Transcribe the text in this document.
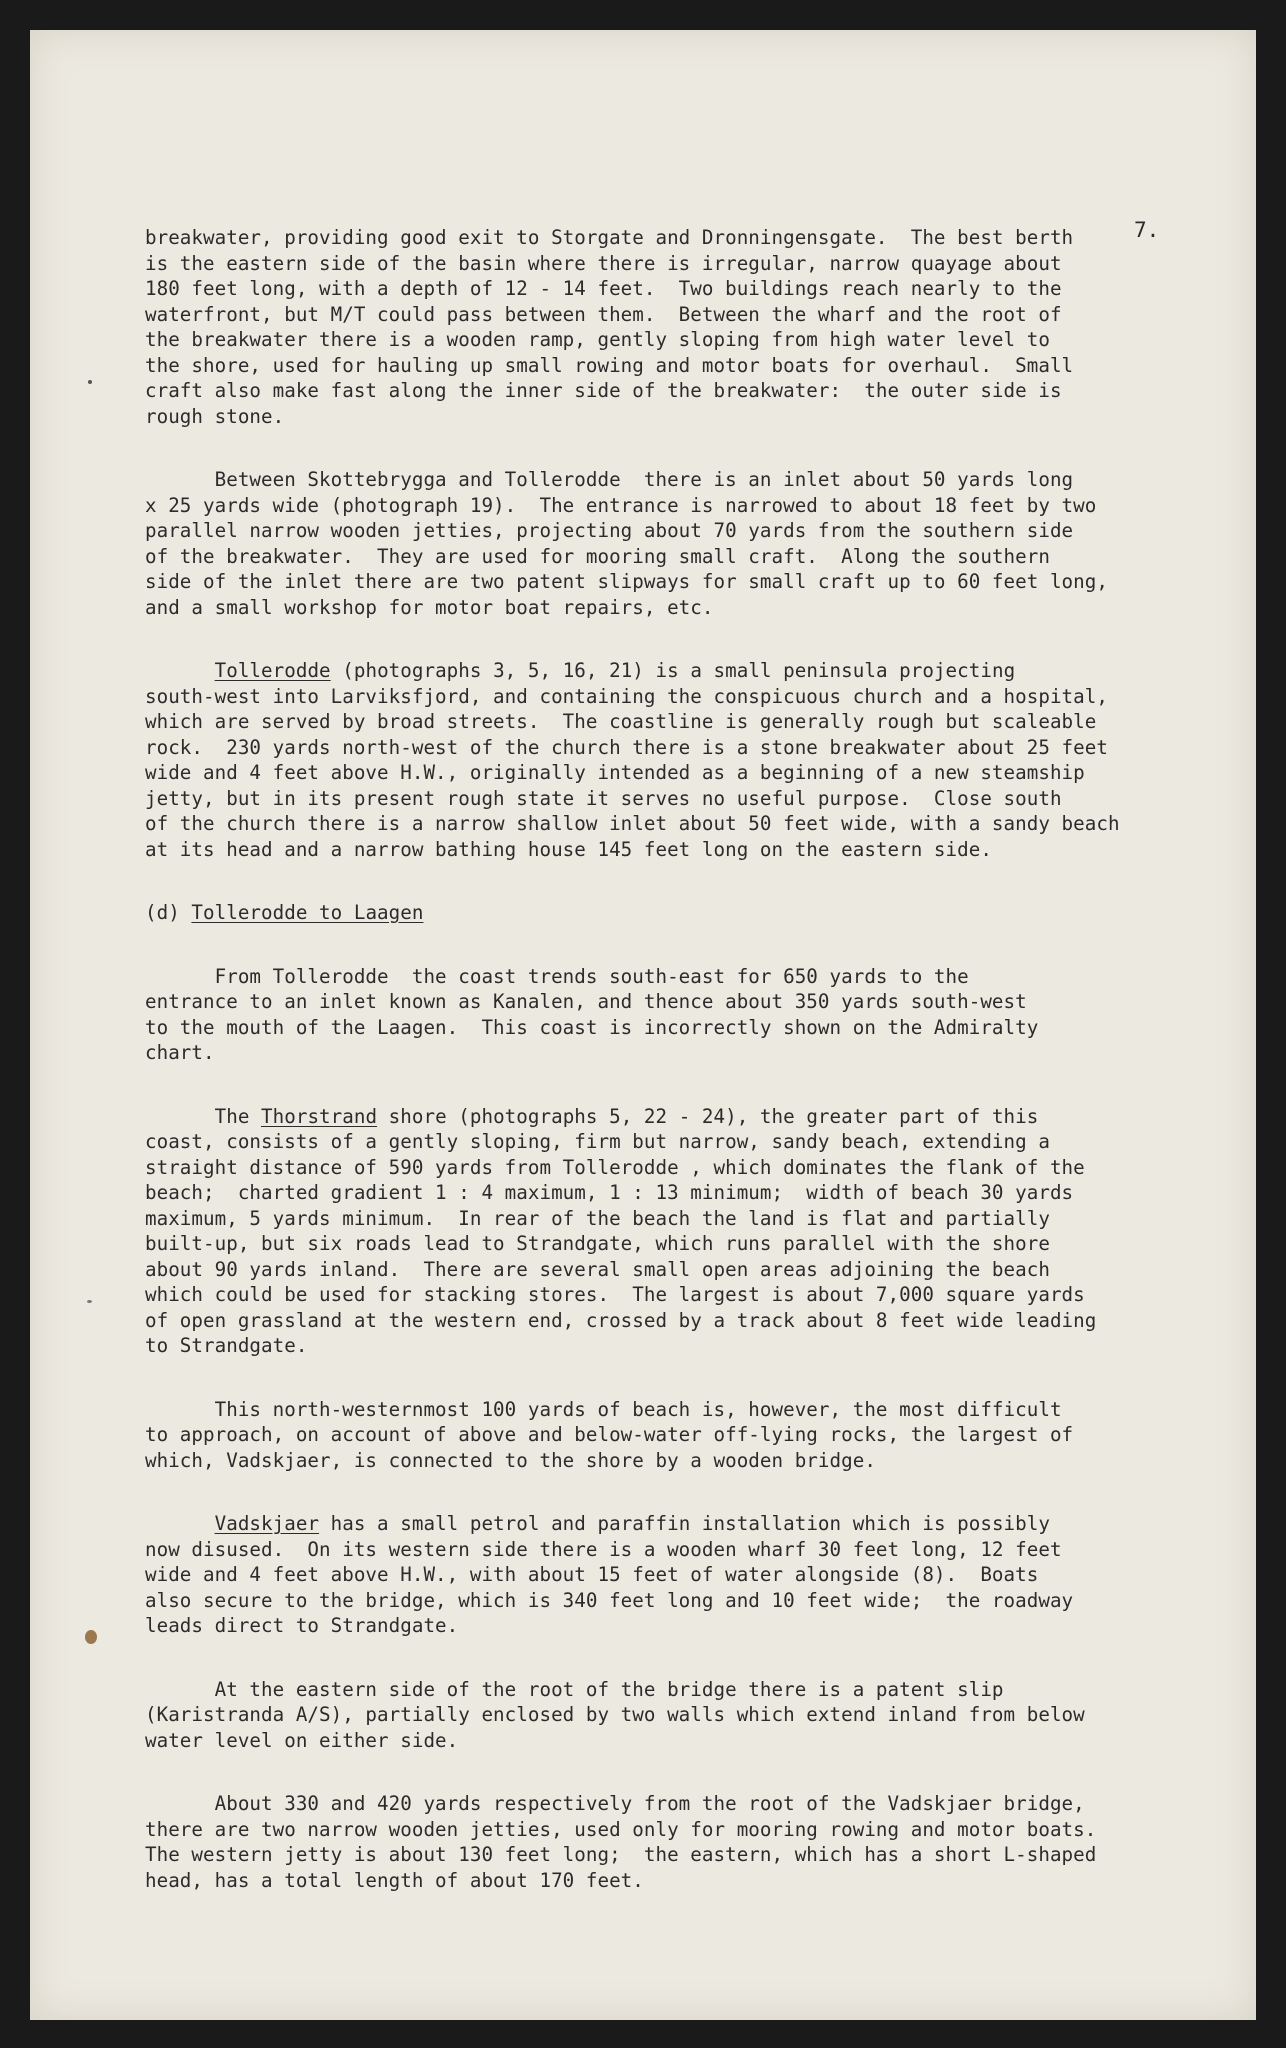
7.
breakwater, providing good exit to Storgate and Dronningensgate.  The best berth
is the eastern side of the basin where there is irregular, narrow quayage about
180 feet long, with a depth of 12 - 14 feet.  Two buildings reach nearly to the
waterfront, but M/T could pass between them.  Between the wharf and the root of
the breakwater there is a wooden ramp, gently sloping from high water level to
the shore, used for hauling up small rowing and motor boats for overhaul.  Small
craft also make fast along the inner side of the breakwater:  the outer side is
rough stone.
Between Skottebrygga and Tollerodde  there is an inlet about 50 yards long
x 25 yards wide (photograph 19).  The entrance is narrowed to about 18 feet by two
parallel narrow wooden jetties, projecting about 70 yards from the southern side
of the breakwater.  They are used for mooring small craft.  Along the southern
side of the inlet there are two patent slipways for small craft up to 60 feet long,
and a small workshop for motor boat repairs, etc.
Tollerodde (photographs 3, 5, 16, 21) is a small peninsula projecting
south-west into Larviksfjord, and containing the conspicuous church and a hospital,
which are served by broad streets.  The coastline is generally rough but scaleable
rock.  230 yards north-west of the church there is a stone breakwater about 25 feet
wide and 4 feet above H.W., originally intended as a beginning of a new steamship
jetty, but in its present rough state it serves no useful purpose.  Close south
of the church there is a narrow shallow inlet about 50 feet wide, with a sandy beach
at its head and a narrow bathing house 145 feet long on the eastern side.
(d) Tollerodde to Laagen
From Tollerodde  the coast trends south-east for 650 yards to the
entrance to an inlet known as Kanalen, and thence about 350 yards south-west
to the mouth of the Laagen.  This coast is incorrectly shown on the Admiralty
chart.
The Thorstrand shore (photographs 5, 22 - 24), the greater part of this
coast, consists of a gently sloping, firm but narrow, sandy beach, extending a
straight distance of 590 yards from Tollerodde , which dominates the flank of the
beach;  charted gradient 1 : 4 maximum, 1 : 13 minimum;  width of beach 30 yards
maximum, 5 yards minimum.  In rear of the beach the land is flat and partially
built-up, but six roads lead to Strandgate, which runs parallel with the shore
about 90 yards inland.  There are several small open areas adjoining the beach
which could be used for stacking stores.  The largest is about 7,000 square yards
of open grassland at the western end, crossed by a track about 8 feet wide leading
to Strandgate.
This north-westernmost 100 yards of beach is, however, the most difficult
to approach, on account of above and below-water off-lying rocks, the largest of
which, Vadskjaer, is connected to the shore by a wooden bridge.
Vadskjaer has a small petrol and paraffin installation which is possibly
now disused.  On its western side there is a wooden wharf 30 feet long, 12 feet
wide and 4 feet above H.W., with about 15 feet of water alongside (8).  Boats
also secure to the bridge, which is 340 feet long and 10 feet wide;  the roadway
leads direct to Strandgate.
At the eastern side of the root of the bridge there is a patent slip
(Karistranda A/S), partially enclosed by two walls which extend inland from below
water level on either side.
About 330 and 420 yards respectively from the root of the Vadskjaer bridge,
there are two narrow wooden jetties, used only for mooring rowing and motor boats.
The western jetty is about 130 feet long;  the eastern, which has a short L-shaped
head, has a total length of about 170 feet.
